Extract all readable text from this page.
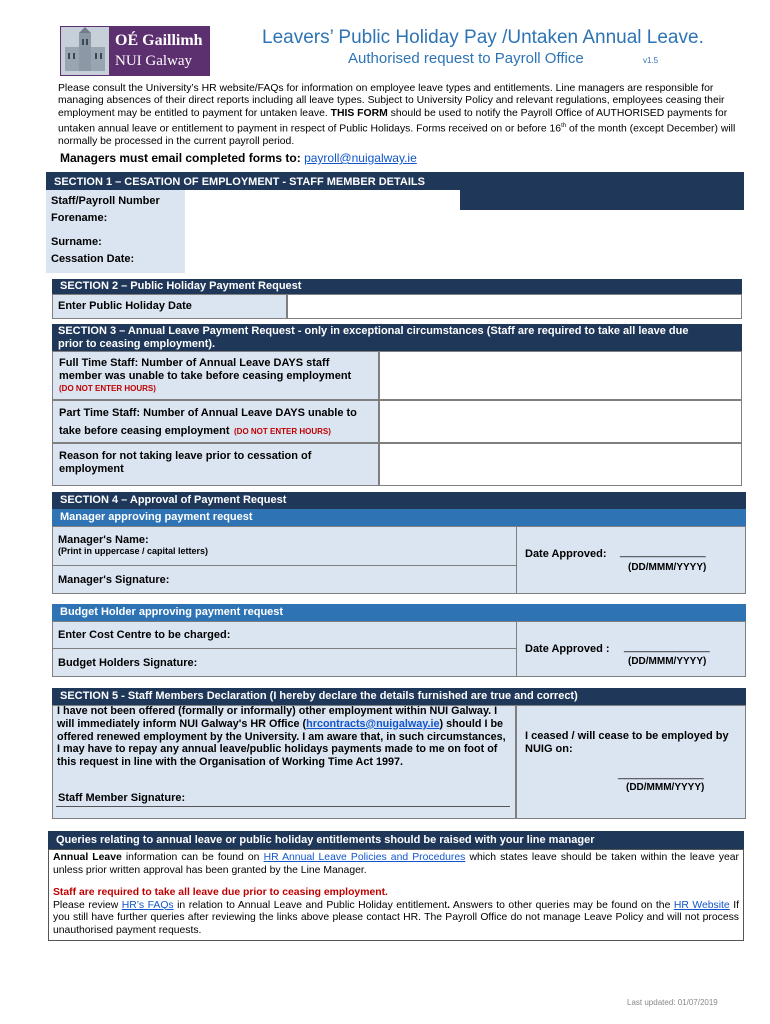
OÉ Gaillimh
NUI Galway
Leavers’ Public Holiday Pay /Untaken Annual Leave.
Authorised request to Payroll Office	v1.5
Please consult the University’s HR website/FAQs for information on employee leave types and entitlements. Line managers are responsible for managing absences of their direct reports including all leave types. Subject to University Policy and relevant regulations, employees ceasing their employment may be entitled to payment for untaken leave. THIS FORM should be used to notify the Payroll Office of AUTHORISED payments for untaken annual leave or entitlement to payment in respect of Public Holidays. Forms received on or before 16th of the month (except December) will normally be processed in the current payroll period.
Managers must email completed forms to: payroll@nuigalway.ie
SECTION 1 – CESATION OF EMPLOYMENT - STAFF MEMBER DETAILS
Staff/Payroll Number
Forename:
Surname:
Cessation Date:
SECTION 2 – Public Holiday Payment Request
Enter Public Holiday Date
SECTION 3 – Annual Leave Payment Request - only in exceptional circumstances (Staff are required to take all leave due
prior to ceasing employment).
Full Time Staff: Number of Annual Leave DAYS staff member was unable to take before ceasing employment
(DO NOT ENTER HOURS)
Part Time Staff: Number of Annual Leave DAYS unable to take before ceasing employment (DO NOT ENTER HOURS)
Reason for not taking leave prior to cessation of employment
SECTION 4 – Approval of Payment Request
Manager approving payment request
Manager's Name:
(Print in uppercase / capital letters)	Date Approved: ______________
(DD/MMM/YYYY)
Manager's Signature:
Budget Holder approving payment request
Enter Cost Centre to be charged:
Date Approved : ______________
(DD/MMM/YYYY)
Budget Holders Signature:
SECTION 5 - Staff Members Declaration (I hereby declare the details furnished are true and correct)
I have not been offered (formally or informally) other employment within NUI Galway. I will immediately inform NUI Galway's HR Office (hrcontracts@nuigalway.ie) should I be offered renewed employment by the University. I am aware that, in such circumstances, I may have to repay any annual leave/public holidays payments made to me on foot of this request in line with the Organisation of Working Time Act 1997.
Staff Member Signature:
I ceased / will cease to be employed by NUIG on:
______________
(DD/MMM/YYYY)
Queries relating to annual leave or public holiday entitlements should be raised with your line manager
Annual Leave information can be found on HR Annual Leave Policies and Procedures which states leave should be taken within the leave year unless prior written approval has been granted by the Line Manager.
Staff are required to take all leave due prior to ceasing employment.
Please review HR’s FAQs in relation to Annual Leave and Public Holiday entitlement. Answers to other queries may be found on the HR Website If you still have further queries after reviewing the links above please contact HR. The Payroll Office do not manage Leave Policy and will not process unauthorised payment requests.
Last updated: 01/07/2019
